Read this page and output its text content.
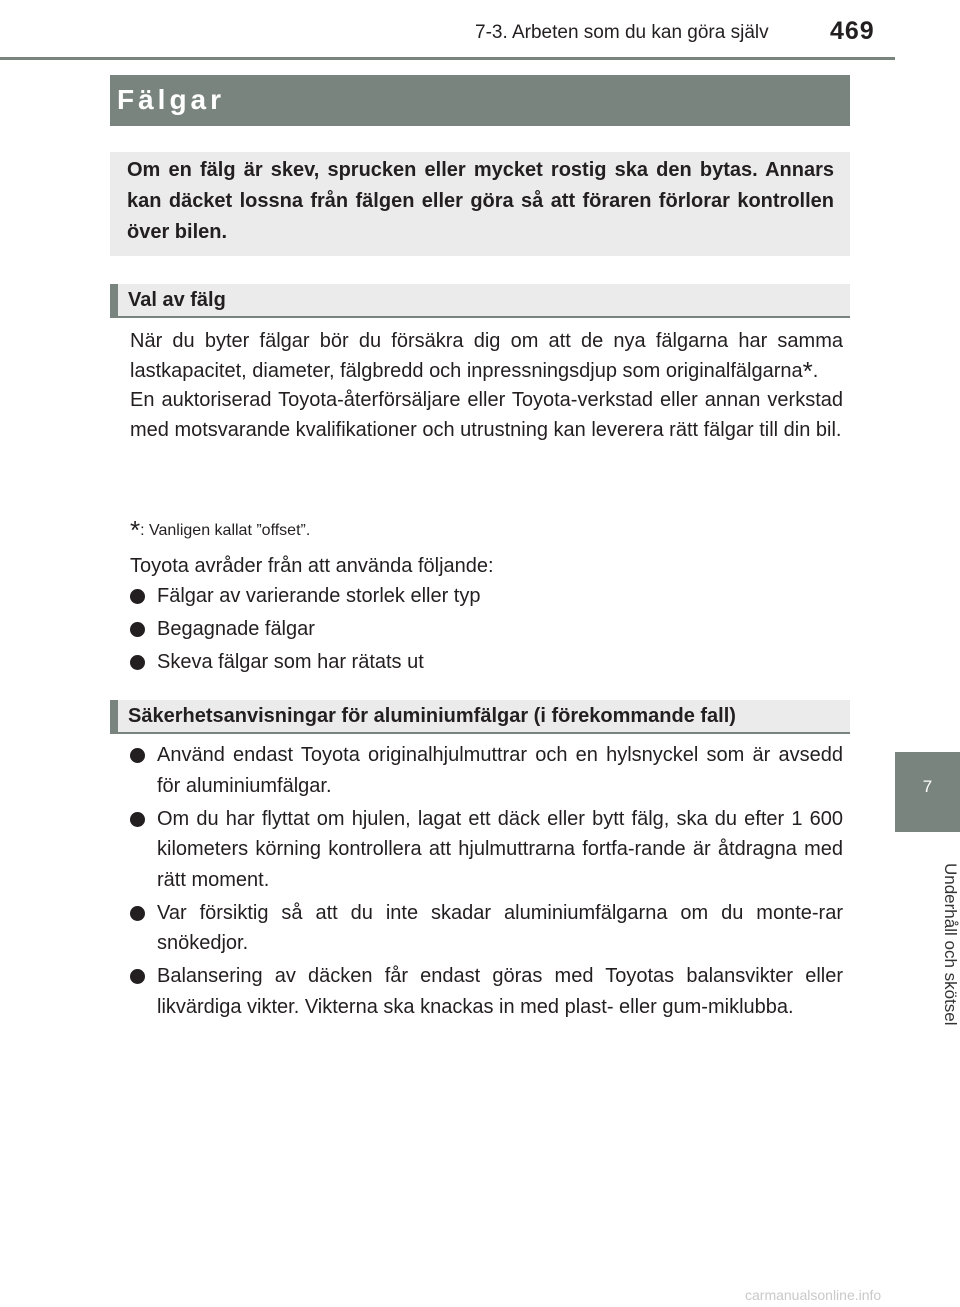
7-3. Arbeten som du kan göra själv 469
7
Underhåll och skötsel
Fälgar
Om en fälg är skev, sprucken eller mycket rostig ska den bytas. Annars kan däcket lossna från fälgen eller göra så att föraren förlorar kontrollen över bilen.
Val av fälg

När du byter fälgar bör du försäkra dig om att de nya fälgarna har samma lastkapacitet, diameter, fälgbredd och inpressningsdjup som originalfälgarna*.

En auktoriserad Toyota-återförsäljare eller Toyota-verkstad eller annan verkstad med motsvarande kvalifikationer och utrustning kan leverera rätt fälgar till din bil.

*: Vanligen kallat ”offset”.
Toyota avråder från att använda följande:
Fälgar av varierande storlek eller typ
Begagnade fälgar
Skeva fälgar som har rätats ut
Säkerhetsanvisningar för aluminiumfälgar (i förekommande fall)
Använd endast Toyota originalhjulmuttrar och en hylsnyckel som är avsedd för aluminiumfälgar.
Om du har flyttat om hjulen, lagat ett däck eller bytt fälg, ska du efter 1 600 kilometers körning kontrollera att hjulmuttrarna fortfa-rande är åtdragna med rätt moment.
Var försiktig så att du inte skadar aluminiumfälgarna om du monte-rar snökedjor.
Balansering av däcken får endast göras med Toyotas balansvikter eller likvärdiga vikter. Vikterna ska knackas in med plast- eller gum-miklubba.
carmanualsonline.info
